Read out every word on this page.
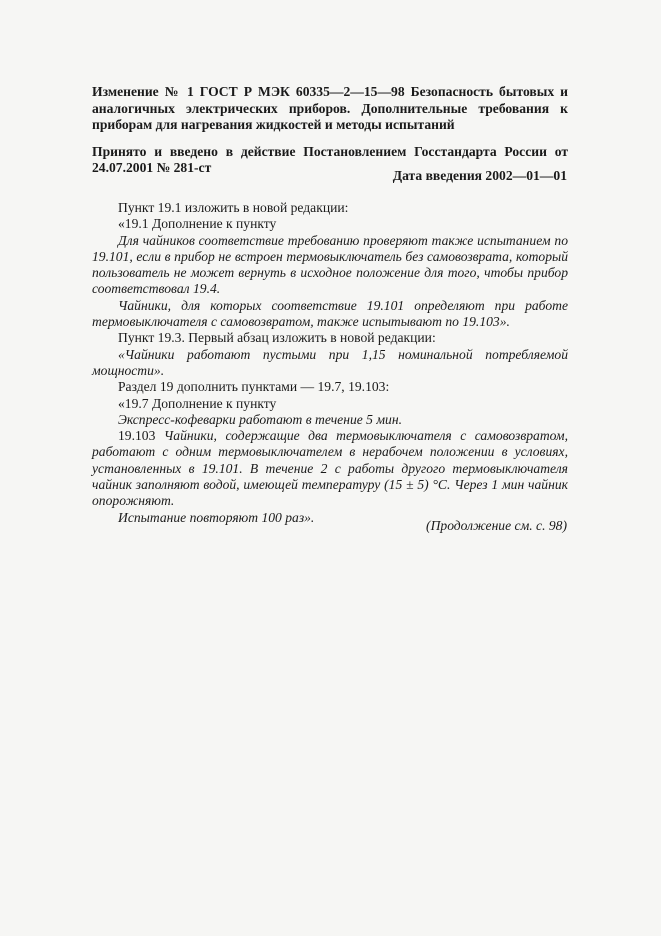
Изменение № 1 ГОСТ Р МЭК 60335—2—15—98 Безопасность бытовых и аналогичных электрических приборов. Дополнительные требования к приборам для нагревания жидкостей и методы испытаний

Принято и введено в действие Постановлением Госстандарта России от 24.07.2001 № 281-ст

Дата введения 2002—01—01

Пункт 19.1 изложить в новой редакции:

«19.1 Дополнение к пункту

Для чайников соответствие требованию проверяют также испытанием по 19.101, если в прибор не встроен термовыключатель без самовозврата, который пользователь не может вернуть в исходное положение для того, чтобы прибор соответствовал 19.4.

Чайники, для которых соответствие 19.101 определяют при работе термовыключателя с самовозвратом, также испытывают по 19.103».

Пункт 19.3. Первый абзац изложить в новой редакции:

«Чайники работают пустыми при 1,15 номинальной потребляемой мощности».

Раздел 19 дополнить пунктами — 19.7, 19.103:

«19.7 Дополнение к пункту

Экспресс-кофеварки работают в течение 5 мин.

19.103 Чайники, содержащие два термовыключателя с самовозвратом, работают с одним термовыключателем в нерабочем положении в условиях, установленных в 19.101. В течение 2 с работы другого термовыключателя чайник заполняют водой, имеющей температуру (15 ± 5) °С. Через 1 мин чайник опорожняют.

Испытание повторяют 100 раз».

(Продолжение см. с. 98)
